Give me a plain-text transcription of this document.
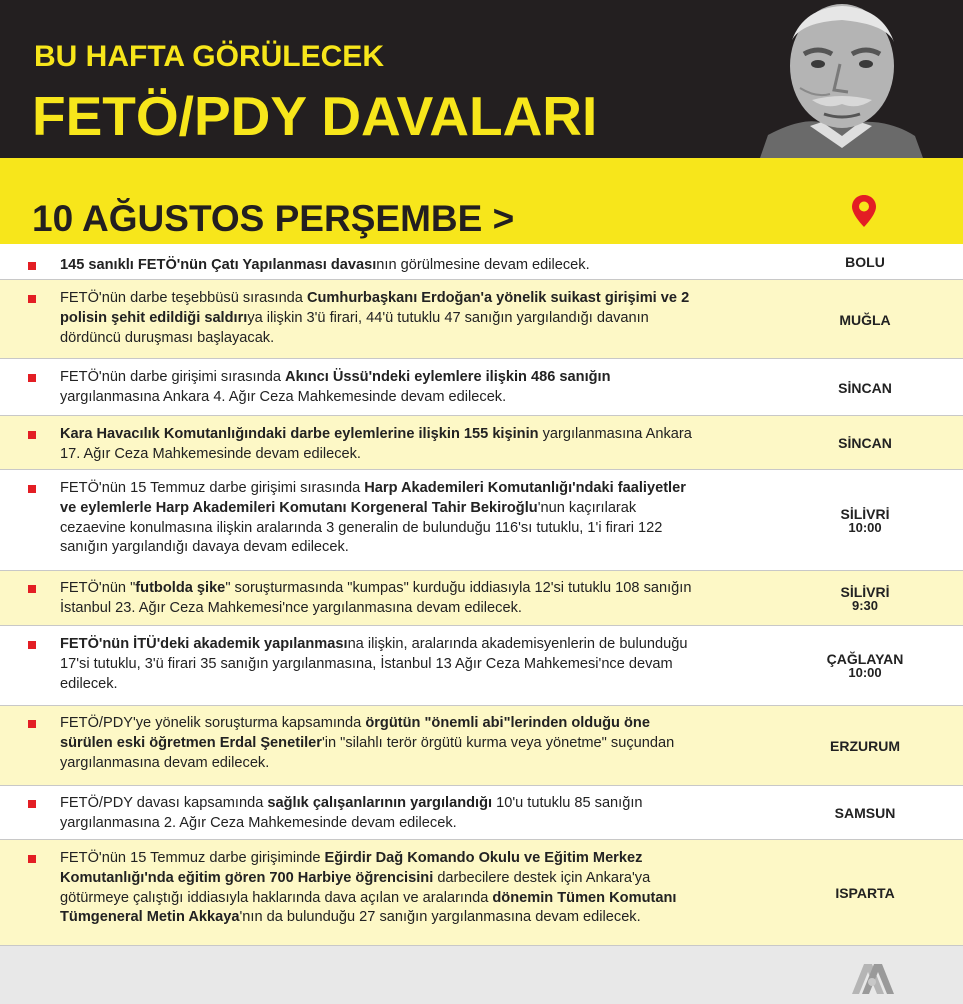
BU HAFTA GÖRÜLECEK
FETÖ/PDY DAVALARI
10 AĞUSTOS PERŞEMBE >
145 sanıklı FETÖ'nün Çatı Yapılanması davasının görülmesine devam edilecek.	BOLU
FETÖ'nün darbe teşebbüsü sırasında Cumhurbaşkanı Erdoğan'a yönelik suikast girişimi ve 2
polisin şehit edildiği saldırıya ilişkin 3'ü firari, 44'ü tutuklu 47 sanığın yargılandığı davanın
dördüncü duruşması başlayacak.
MUĞLA
FETÖ'nün darbe girişimi sırasında Akıncı Üssü'ndeki eylemlere ilişkin 486 sanığın
yargılanmasına Ankara 4. Ağır Ceza Mahkemesinde devam edilecek.
SİNCAN
Kara Havacılık Komutanlığındaki darbe eylemlerine ilişkin 155 kişinin yargılanmasına Ankara
17. Ağır Ceza Mahkemesinde devam edilecek.
SİNCAN
FETÖ'nün 15 Temmuz darbe girişimi sırasında Harp Akademileri Komutanlığı'ndaki faaliyetler
ve eylemlerle Harp Akademileri Komutanı Korgeneral Tahir Bekiroğlu'nun kaçırılarak
cezaevine konulmasına ilişkin aralarında 3 generalin de bulunduğu 116'sı tutuklu, 1'i firari 122
sanığın yargılandığı davaya devam edilecek.
SİLİVRİ
10:00
FETÖ'nün "futbolda şike" soruşturmasında "kumpas" kurduğu iddiasıyla 12'si tutuklu 108 sanığın
İstanbul 23. Ağır Ceza Mahkemesi'nce yargılanmasına devam edilecek.
SİLİVRİ
9:30
FETÖ'nün İTÜ'deki akademik yapılanmasına ilişkin, aralarında akademisyenlerin de bulunduğu
17'si tutuklu, 3'ü firari 35 sanığın yargılanmasına, İstanbul 13 Ağır Ceza Mahkemesi'nce devam
edilecek.
ÇAĞLAYAN
10:00
FETÖ/PDY'ye yönelik soruşturma kapsamında örgütün "önemli abi"lerinden olduğu öne
sürülen eski öğretmen Erdal Şenetiler'in "silahlı terör örgütü kurma veya yönetme" suçundan
yargılanmasına devam edilecek.
ERZURUM
FETÖ/PDY davası kapsamında sağlık çalışanlarının yargılandığı 10'u tutuklu 85 sanığın
yargılanmasına 2. Ağır Ceza Mahkemesinde devam edilecek.
SAMSUN
FETÖ'nün 15 Temmuz darbe girişiminde Eğirdir Dağ Komando Okulu ve Eğitim Merkez
Komutanlığı'nda eğitim gören 700 Harbiye öğrencisini darbecilere destek için Ankara'ya
götürmeye çalıştığı iddiasıyla haklarında dava açılan ve aralarında dönemin Tümen Komutanı
Tümgeneral Metin Akkaya'nın da bulunduğu 27 sanığın yargılanmasına devam edilecek.
ISPARTA
